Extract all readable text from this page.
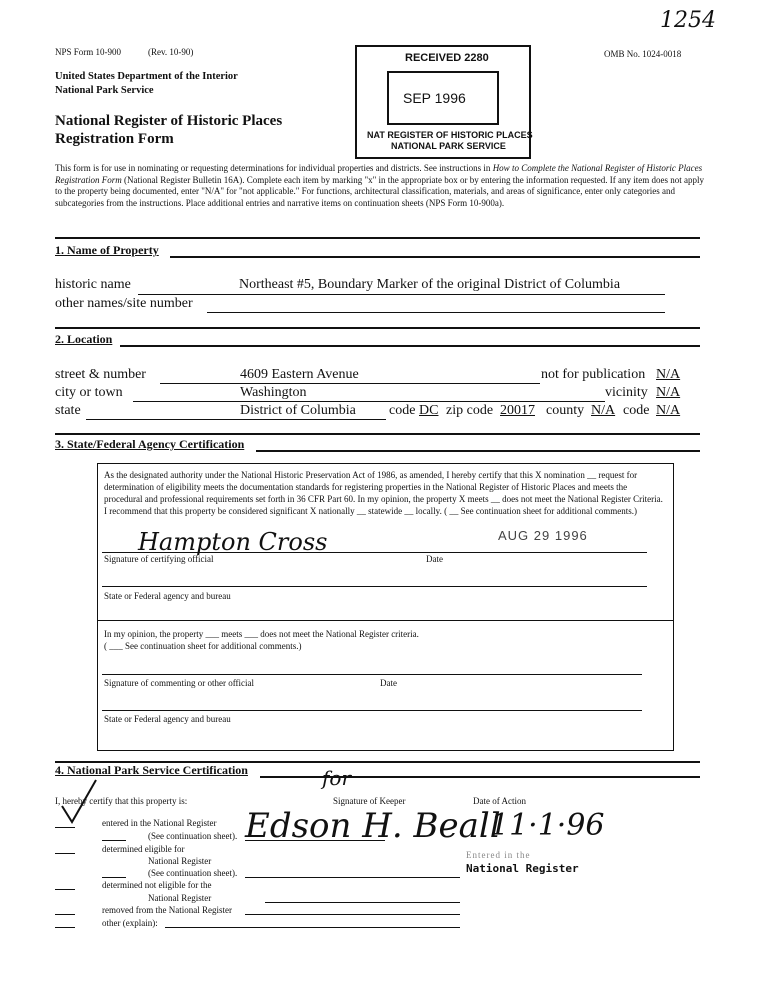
1254
NPS Form 10-900	(Rev. 10-90)	OMB No. 1024-0018
United States Department of the Interior
National Park Service
National Register of Historic Places
Registration Form
RECEIVED 2280
SEP 1996
NAT REGISTER OF HISTORIC PLACES
NATIONAL PARK SERVICE
This form is for use in nominating or requesting determinations for individual properties and districts. See instructions in How to Complete the National Register of Historic Places Registration Form (National Register Bulletin 16A). Complete each item by marking "x" in the appropriate box or by entering the information requested. If any item does not apply to the property being documented, enter "N/A" for "not applicable." For functions, architectural classification, materials, and areas of significance, enter only categories and subcategories from the instructions. Place additional entries and narrative items on continuation sheets (NPS Form 10-900a).
1. Name of Property
historic name	Northeast #5, Boundary Marker of the original District of Columbia
other names/site number
2. Location
street & number	4609 Eastern Avenue	not for publication N/A
city or town	Washington	vicinity N/A
state	District of Columbia code DC zip code 20017 county N/A code N/A
3. State/Federal Agency Certification
As the designated authority under the National Historic Preservation Act of 1986, as amended, I hereby certify that this X nomination __ request for determination of eligibility meets the documentation standards for registering properties in the National Register of Historic Places and meets the procedural and professional requirements set forth in 36 CFR Part 60. In my opinion, the property X meets __ does not meet the National Register Criteria. I recommend that this property be considered significant X nationally __ statewide __ locally. ( __ See continuation sheet for additional comments.)
Hampton Cross	AUG 29 1996
Signature of certifying official	Date
State or Federal agency and bureau
In my opinion, the property ___ meets ___ does not meet the National Register criteria.
( ___ See continuation sheet for additional comments.)
Signature of commenting or other official	Date
State or Federal agency and bureau
4. National Park Service Certification
I, hereby certify that this property is:	Signature of Keeper	Date of Action
for
Edson H. Beall
11·1·96
Entered in the
National Register
entered in the National Register
(See continuation sheet).
determined eligible for
National Register
(See continuation sheet).
determined not eligible for the
National Register
removed from the National Register
other (explain):
